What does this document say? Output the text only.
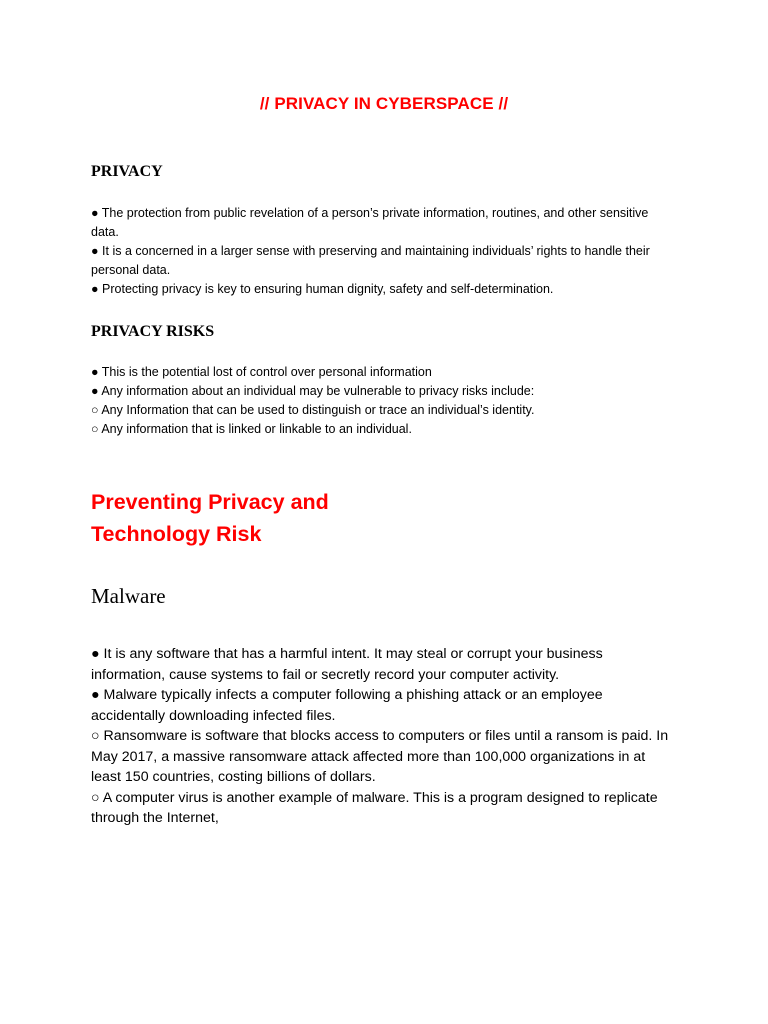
// PRIVACY IN CYBERSPACE //
PRIVACY
● The protection from public revelation of a person’s private information, routines, and other sensitive data.
● It is a concerned in a larger sense with preserving and maintaining individuals’ rights to handle their personal data.
● Protecting privacy is key to ensuring human dignity, safety and self-determination.
PRIVACY RISKS
● This is the potential lost of control over personal information
● Any information about an individual may be vulnerable to privacy risks include:
○ Any Information that can be used to distinguish or trace an individual’s identity.
○ Any information that is linked or linkable to an individual.
Preventing Privacy and
Technology Risk
Malware
● It is any software that has a harmful intent. It may steal or corrupt your business information, cause systems to fail or secretly record your computer activity.
● Malware typically infects a computer following a phishing attack or an employee accidentally downloading infected files.
○ Ransomware is software that blocks access to computers or files until a ransom is paid. In May 2017, a massive ransomware attack affected more than 100,000 organizations in at least 150 countries, costing billions of dollars.
○ A computer virus is another example of malware. This is a program designed to replicate through the Internet,
